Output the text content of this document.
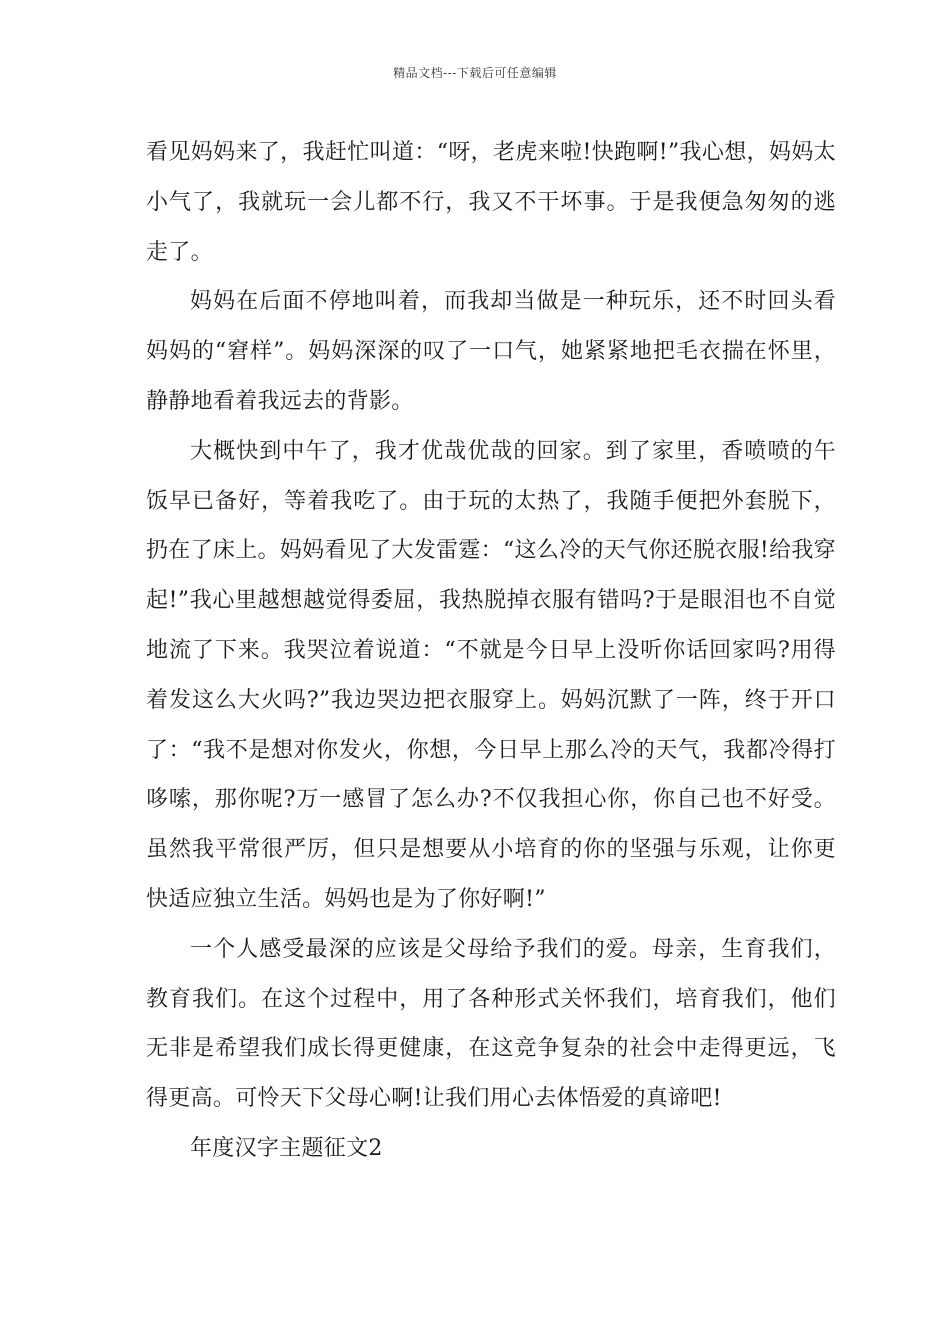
精品文档---下载后可任意编辑

看见妈妈来了，我赶忙叫道：“呀，老虎来啦!快跑啊!”我心想，妈妈太小气了，我就玩一会儿都不行，我又不干坏事。于是我便急匆匆的逃走了。

妈妈在后面不停地叫着，而我却当做是一种玩乐，还不时回头看妈妈的“窘样”。妈妈深深的叹了一口气，她紧紧地把毛衣揣在怀里，静静地看着我远去的背影。

大概快到中午了，我才优哉优哉的回家。到了家里，香喷喷的午饭早已备好，等着我吃了。由于玩的太热了，我随手便把外套脱下，扔在了床上。妈妈看见了大发雷霆：“这么冷的天气你还脱衣服!给我穿起!”我心里越想越觉得委屈，我热脱掉衣服有错吗?于是眼泪也不自觉地流了下来。我哭泣着说道：“不就是今日早上没听你话回家吗?用得着发这么大火吗?”我边哭边把衣服穿上。妈妈沉默了一阵，终于开口了：“我不是想对你发火，你想，今日早上那么冷的天气，我都冷得打哆嗦，那你呢?万一感冒了怎么办?不仅我担心你，你自己也不好受。虽然我平常很严厉，但只是想要从小培育的你的坚强与乐观，让你更快适应独立生活。妈妈也是为了你好啊!”

一个人感受最深的应该是父母给予我们的爱。母亲，生育我们，教育我们。在这个过程中，用了各种形式关怀我们，培育我们，他们无非是希望我们成长得更健康，在这竞争复杂的社会中走得更远，飞得更高。可怜天下父母心啊!让我们用心去体悟爱的真谛吧!

年度汉字主题征文2
